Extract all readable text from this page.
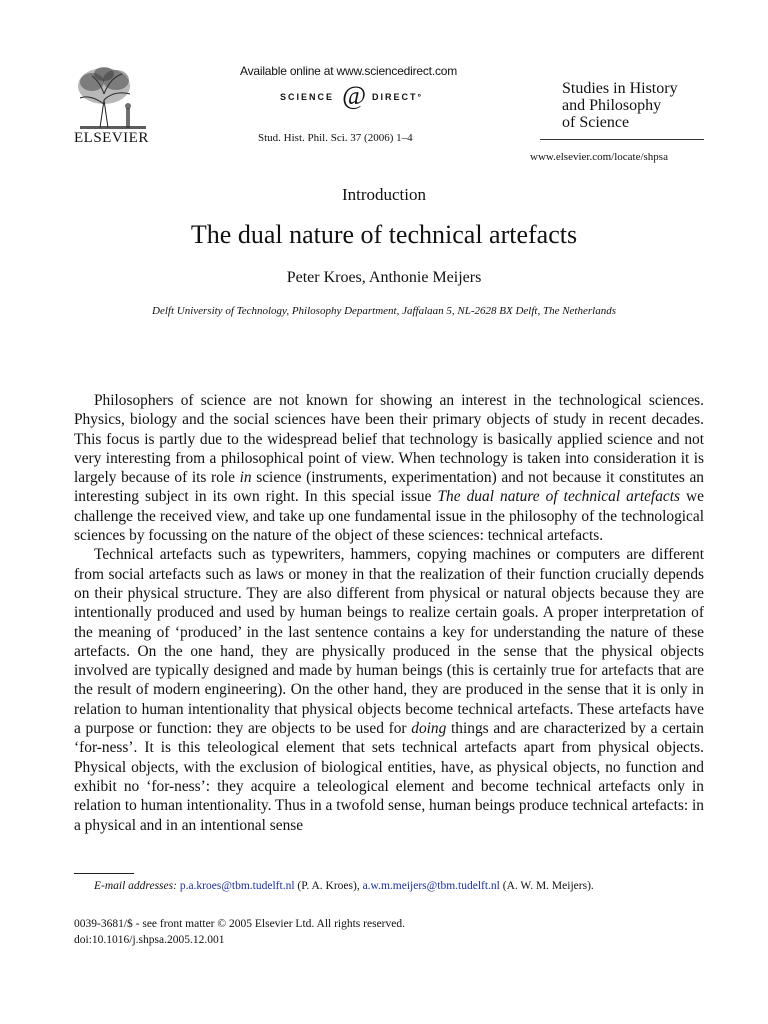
ELSEVIER
Available online at www.sciencedirect.com
SCIENCE @ DIRECT°
Stud. Hist. Phil. Sci. 37 (2006) 1–4
Studies in History
and Philosophy
of Science
www.elsevier.com/locate/shpsa
Introduction
The dual nature of technical artefacts
Peter Kroes, Anthonie Meijers
Delft University of Technology, Philosophy Department, Jaffalaan 5, NL-2628 BX Delft, The Netherlands

Philosophers of science are not known for showing an interest in the technological sciences. Physics, biology and the social sciences have been their primary objects of study in recent decades. This focus is partly due to the widespread belief that technology is basically applied science and not very interesting from a philosophical point of view. When technology is taken into consideration it is largely because of its role in science (instruments, experimentation) and not because it constitutes an interesting subject in its own right. In this special issue The dual nature of technical artefacts we challenge the received view, and take up one fundamental issue in the philosophy of the technological sciences by focussing on the nature of the object of these sciences: technical artefacts.

Technical artefacts such as typewriters, hammers, copying machines or computers are different from social artefacts such as laws or money in that the realization of their function crucially depends on their physical structure. They are also different from physical or natural objects because they are intentionally produced and used by human beings to realize certain goals. A proper interpretation of the meaning of ‘produced’ in the last sentence contains a key for understanding the nature of these artefacts. On the one hand, they are physically produced in the sense that the physical objects involved are typically designed and made by human beings (this is certainly true for artefacts that are the result of modern engineering). On the other hand, they are produced in the sense that it is only in relation to human intentionality that physical objects become technical artefacts. These artefacts have a purpose or function: they are objects to be used for doing things and are characterized by a certain ‘for-ness’. It is this teleological element that sets technical artefacts apart from physical objects. Physical objects, with the exclusion of biological entities, have, as physical objects, no function and exhibit no ‘for-ness’: they acquire a teleological element and become technical artefacts only in relation to human intentionality. Thus in a twofold sense, human beings produce technical artefacts: in a physical and in an intentional sense

E-mail addresses: p.a.kroes@tbm.tudelft.nl (P. A. Kroes), a.w.m.meijers@tbm.tudelft.nl (A. W. M. Meijers).
0039-3681/$ - see front matter © 2005 Elsevier Ltd. All rights reserved.
doi:10.1016/j.shpsa.2005.12.001
